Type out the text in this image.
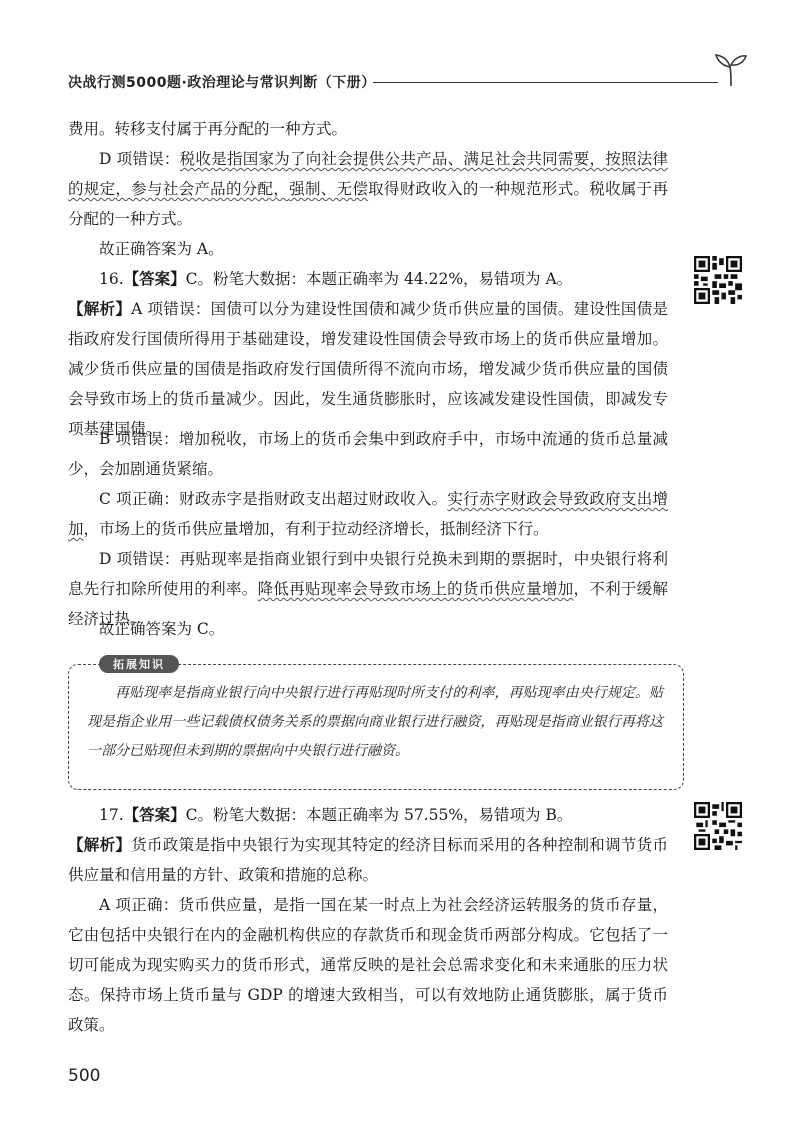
决战行测5000题·政治理论与常识判断（下册）
费用。转移支付属于再分配的一种方式。
D 项错误：税收是指国家为了向社会提供公共产品、满足社会共同需要，按照法律的规定，参与社会产品的分配，强制、无偿取得财政收入的一种规范形式。税收属于再分配的一种方式。
故正确答案为 A。
16.【答案】C。粉笔大数据：本题正确率为 44.22%，易错项为 A。
【解析】A 项错误：国债可以分为建设性国债和减少货币供应量的国债。建设性国债是指政府发行国债所得用于基础建设，增发建设性国债会导致市场上的货币供应量增加。减少货币供应量的国债是指政府发行国债所得不流向市场，增发减少货币供应量的国债会导致市场上的货币量减少。因此，发生通货膨胀时，应该减发建设性国债，即减发专项基建国债。
B 项错误：增加税收，市场上的货币会集中到政府手中，市场中流通的货币总量减少，会加剧通货紧缩。
C 项正确：财政赤字是指财政支出超过财政收入。实行赤字财政会导致政府支出增加，市场上的货币供应量增加，有利于拉动经济增长，抵制经济下行。
D 项错误：再贴现率是指商业银行到中央银行兑换未到期的票据时，中央银行将利息先行扣除所使用的利率。降低再贴现率会导致市场上的货币供应量增加，不利于缓解经济过热。
故正确答案为 C。
拓展知识
再贴现率是指商业银行向中央银行进行再贴现时所支付的利率，再贴现率由央行规定。贴现是指企业用一些记载债权债务关系的票据向商业银行进行融资，再贴现是指商业银行再将这一部分已贴现但未到期的票据向中央银行进行融资。
17.【答案】C。粉笔大数据：本题正确率为 57.55%，易错项为 B。
【解析】货币政策是指中央银行为实现其特定的经济目标而采用的各种控制和调节货币供应量和信用量的方针、政策和措施的总称。
A 项正确：货币供应量，是指一国在某一时点上为社会经济运转服务的货币存量，它由包括中央银行在内的金融机构供应的存款货币和现金货币两部分构成。它包括了一切可能成为现实购买力的货币形式，通常反映的是社会总需求变化和未来通胀的压力状态。保持市场上货币量与 GDP 的增速大致相当，可以有效地防止通货膨胀，属于货币政策。
500
